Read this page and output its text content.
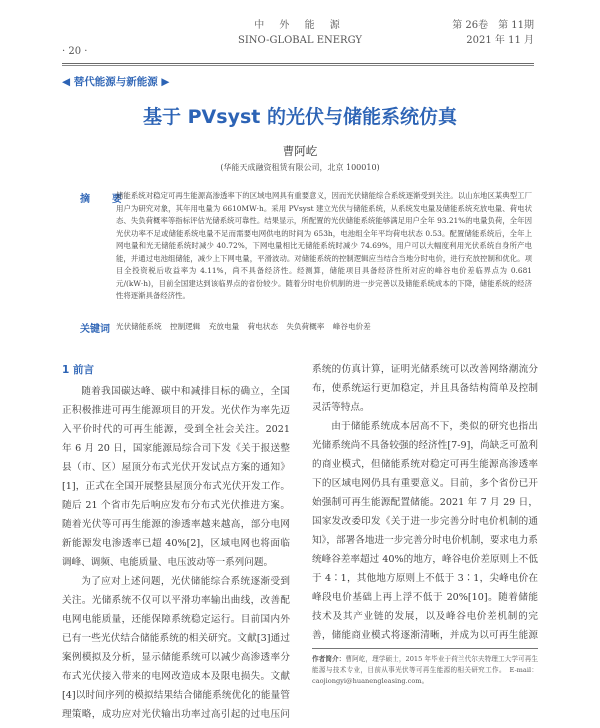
· 20 ·
中 外 能 源
SINO-GLOBAL ENERGY
第 26卷　第 11期
2021 年 11 月
◀ 替代能源与新能源 ▶
基于 PVsyst 的光伏与储能系统仿真
曹阿屹
(华能天成融资租赁有限公司，北京 100010)
摘　要

储能系统对稳定可再生能源高渗透率下的区域电网具有重要意义，因而光伏储能综合系统逐渐受到关注。以山东地区某典型工厂用户为研究对象，其年用电量为 6610MW·h。采用 PVsyst 建立光伏与储能系统，从系统发电量及储能系统充放电量、荷电状态、失负荷概率等指标评估光储系统可靠性。结果显示，所配置的光伏储能系统能够满足用户全年 93.21%的电量负荷，全年因光伏功率不足或储能系统电量不足而需要电网供电的时间为 653h，电池组全年平均荷电状态 0.53。配置储能系统后，全年上网电量和光无储能系统时减少 40.72%，下网电量相比无储能系统时减少 74.69%，用户可以大幅度利用光伏系统自身所产电能，并通过电池组储能，减少上下网电量，平滑波动。对储能系统的控制逻辑应当结合当地分时电价，进行充放控制和优化。项目全投资税后收益率为 4.11%，尚不具备经济性。经测算，储能项目具备经济性所对应的峰谷电价差临界点为 0.681 元/(kW·h)，目前全国建达到该临界点的省份较少。随着分时电价机制的进一步完善以及储能系统成本的下降，储能系统的经济性将逐渐具备经济性。

关键词 光伏储能系统 控制逻辑 充放电量 荷电状态 失负荷概率 峰谷电价差

1 前言

随着我国碳达峰、碳中和减排目标的确立，全国正积极推进可再生能源项目的开发。光伏作为率先迈入平价时代的可再生能源，受到全社会关注。2021 年 6 月 20 日，国家能源局综合司下发《关于报送整县（市、区）屋顶分布式光伏开发试点方案的通知》[1]，正式在全国开展整县屋顶分布式光伏开发工作。随后 21 个省市先后响应发布分布式光伏推进方案。随着光伏等可再生能源的渗透率越来越高，部分电网新能源发电渗透率已超 40%[2]，区域电网也将面临调峰、调频、电能质量、电压波动等一系列问题。

为了应对上述问题，光伏储能综合系统逐渐受到关注。光储系统不仅可以平滑功率输出曲线，改善配电网电能质量，还能保障系统稳定运行。目前国内外已有一些光伏结合储能系统的相关研究。文献[3]通过案例模拟及分析，显示储能系统可以减少高渗透率分布式光伏接入带来的电网改造成本及限电损失。文献[4]以时间序列的模拟结果结合储能系统优化的能量管理策略，成功应对光伏输出功率过高引起的过电压问

系统的仿真计算，证明光储系统可以改善网络潮流分布，使系统运行更加稳定，并且具备结构简单及控制灵活等特点。

由于储能系统成本居高不下，类似的研究也指出光储系统尚不具备较强的经济性[7-9]，尚缺乏可盈利的商业模式，但储能系统对稳定可再生能源高渗透率下的区域电网仍具有重要意义。目前，多个省份已开始强制可再生能源配置储能。2021 年 7 月 29 日，国家发改委印发《关于进一步完善分时电价机制的通知》，部署各地进一步完善分时电价机制，要求电力系统峰谷差率超过 40%的地方，峰谷电价差原则上不低于 4∶1，其他地方原则上不低于 3∶1，尖峰电价在峰段电价基础上再上浮不低于 20%[10]。随着储能技术及其产业链的发展，以及峰谷电价差机制的完善，储能商业模式将逐渐清晰，并成为以可再生能源

作者简介：曹阿屹，理学硕士，2015 年毕业于荷兰代尔夫特理工大学可再生能源与技术专业，目前从事光伏等可再生能源的相关研究工作。　E-mail：caojiongyi@huanengleasing.com。
